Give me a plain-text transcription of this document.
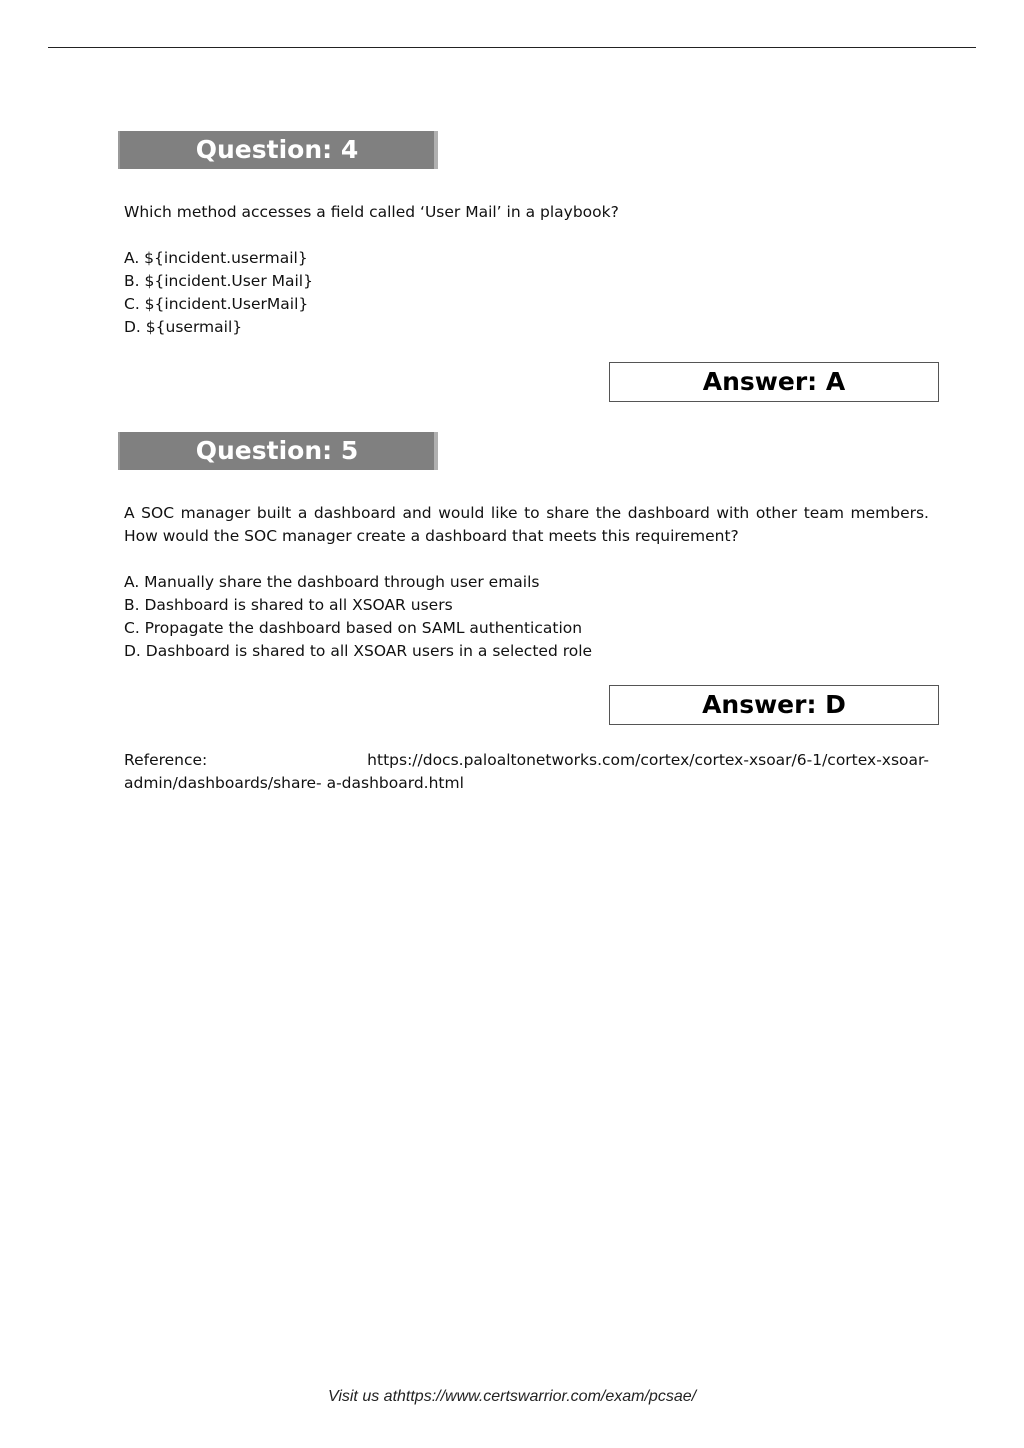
Question: 4
Which method accesses a field called ‘User Mail’ in a playbook?
A. ${incident.usermail}
B. ${incident.User Mail}
C. ${incident.UserMail}
D. ${usermail}
Answer: A
Question: 5
A SOC manager built a dashboard and would like to share the dashboard with other team members. How would the SOC manager create a dashboard that meets this requirement?
A. Manually share the dashboard through user emails
B. Dashboard is shared to all XSOAR users
C. Propagate the dashboard based on SAML authentication
D. Dashboard is shared to all XSOAR users in a selected role
Answer: D
Reference:	https://docs.paloaltonetworks.com/cortex/cortex-xsoar/6-1/cortex-xsoar-
admin/dashboards/share- a-dashboard.html
Visit us athttps://www.certswarrior.com/exam/pcsae/
